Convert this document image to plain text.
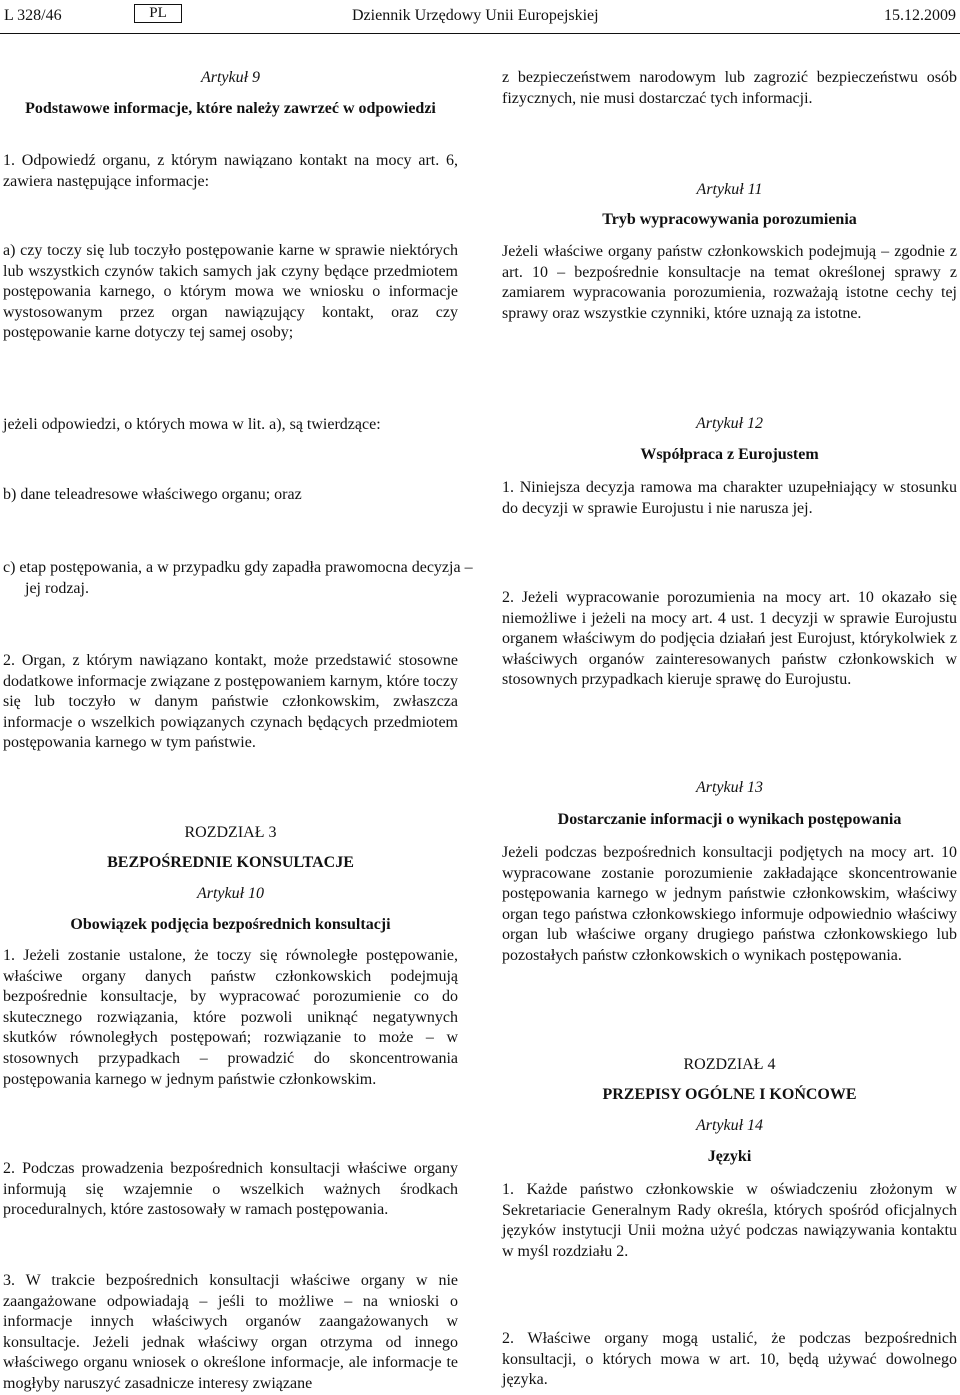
L 328/46	PL	Dziennik Urzędowy Unii Europejskiej	15.12.2009
Artykuł 9
Podstawowe informacje, które należy zawrzeć w odpowiedzi
1. Odpowiedź organu, z którym nawiązano kontakt na mocy art. 6, zawiera następujące informacje:
a) czy toczy się lub toczyło postępowanie karne w sprawie niektórych lub wszystkich czynów takich samych jak czyny będące przedmiotem postępowania karnego, o którym mowa we wniosku o informacje wystosowanym przez organ nawiązujący kontakt, oraz czy postępowanie karne dotyczy tej samej osoby;
jeżeli odpowiedzi, o których mowa w lit. a), są twierdzące:
b) dane teleadresowe właściwego organu; oraz
c) etap postępowania, a w przypadku gdy zapadła prawomocna decyzja – jej rodzaj.
2. Organ, z którym nawiązano kontakt, może przedstawić stosowne dodatkowe informacje związane z postępowaniem karnym, które toczy się lub toczyło w danym państwie członkowskim, zwłaszcza informacje o wszelkich powiązanych czynach będących przedmiotem postępowania karnego w tym państwie.
ROZDZIAŁ 3
BEZPOŚREDNIE KONSULTACJE
Artykuł 10
Obowiązek podjęcia bezpośrednich konsultacji
1. Jeżeli zostanie ustalone, że toczy się równoległe postępowanie, właściwe organy danych państw członkowskich podejmują bezpośrednie konsultacje, by wypracować porozumienie co do skutecznego rozwiązania, które pozwoli uniknąć negatywnych skutków równoległych postępowań; rozwiązanie to może – w stosownych przypadkach – prowadzić do skoncentrowania postępowania karnego w jednym państwie członkowskim.
2. Podczas prowadzenia bezpośrednich konsultacji właściwe organy informują się wzajemnie o wszelkich ważnych środkach proceduralnych, które zastosowały w ramach postępowania.
3. W trakcie bezpośrednich konsultacji właściwe organy w nie zaangażowane odpowiadają – jeśli to możliwe – na wnioski o informacje innych właściwych organów zaangażowanych w konsultacje. Jeżeli jednak właściwy organ otrzyma od innego właściwego organu wniosek o określone informacje, ale informacje te mogłyby naruszyć zasadnicze interesy związane
z bezpieczeństwem narodowym lub zagrozić bezpieczeństwu osób fizycznych, nie musi dostarczać tych informacji.
Artykuł 11
Tryb wypracowywania porozumienia
Jeżeli właściwe organy państw członkowskich podejmują – zgodnie z art. 10 – bezpośrednie konsultacje na temat określonej sprawy z zamiarem wypracowania porozumienia, rozważają istotne cechy tej sprawy oraz wszystkie czynniki, które uznają za istotne.
Artykuł 12
Współpraca z Eurojustem
1. Niniejsza decyzja ramowa ma charakter uzupełniający w stosunku do decyzji w sprawie Eurojustu i nie narusza jej.
2. Jeżeli wypracowanie porozumienia na mocy art. 10 okazało się niemożliwe i jeżeli na mocy art. 4 ust. 1 decyzji w sprawie Eurojustu organem właściwym do podjęcia działań jest Eurojust, którykolwiek z właściwych organów zainteresowanych państw członkowskich w stosownych przypadkach kieruje sprawę do Eurojustu.
Artykuł 13
Dostarczanie informacji o wynikach postępowania
Jeżeli podczas bezpośrednich konsultacji podjętych na mocy art. 10 wypracowane zostanie porozumienie zakładające skoncentrowanie postępowania karnego w jednym państwie członkowskim, właściwy organ tego państwa członkowskiego informuje odpowiednio właściwy organ lub właściwe organy drugiego państwa członkowskiego lub pozostałych państw członkowskich o wynikach postępowania.
ROZDZIAŁ 4
PRZEPISY OGÓLNE I KOŃCOWE
Artykuł 14
Języki
1. Każde państwo członkowskie w oświadczeniu złożonym w Sekretariacie Generalnym Rady określa, których spośród oficjalnych języków instytucji Unii można użyć podczas nawiązywania kontaktu w myśl rozdziału 2.
2. Właściwe organy mogą ustalić, że podczas bezpośrednich konsultacji, o których mowa w art. 10, będą używać dowolnego języka.
